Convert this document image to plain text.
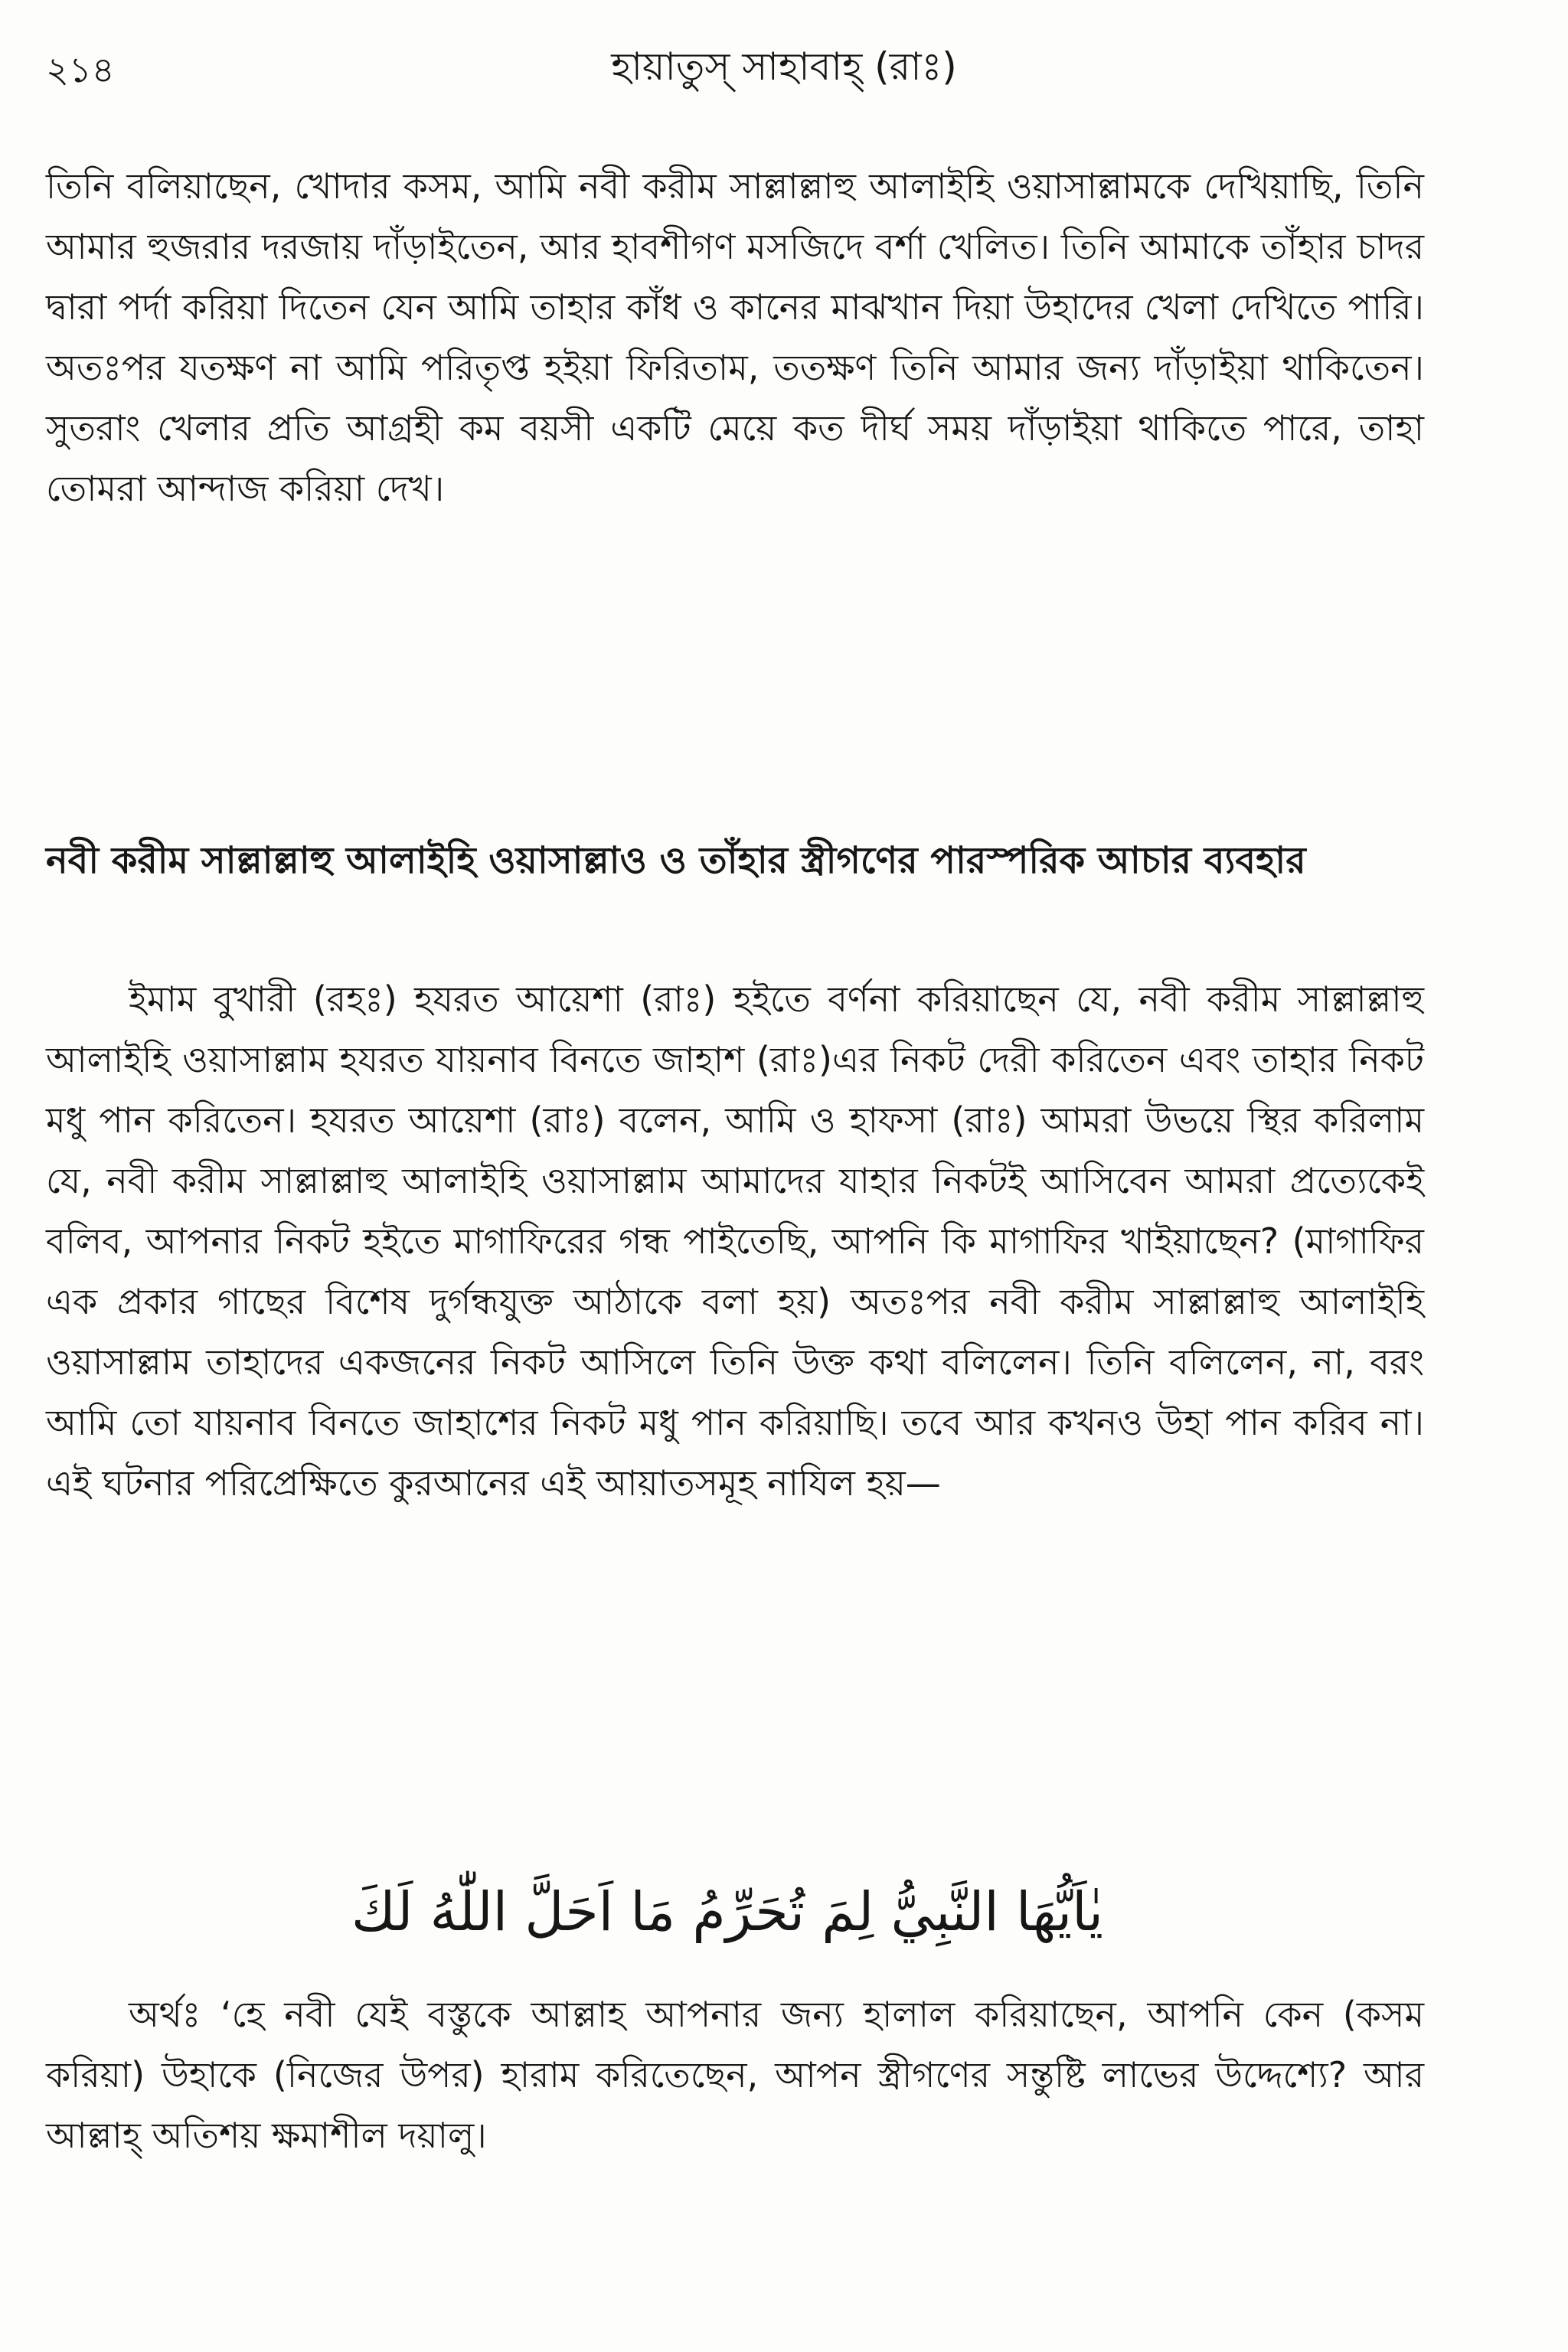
২১৪	হায়াতুস্ সাহাবাহ্ (রাঃ)

তিনি বলিয়াছেন, খোদার কসম, আমি নবী করীম সাল্লাল্লাহু আলাইহি ওয়াসাল্লামকে দেখিয়াছি, তিনি আমার হুজরার দরজায় দাঁড়াইতেন, আর হাবশীগণ মসজিদে বর্শা খেলিত। তিনি আমাকে তাঁহার চাদর দ্বারা পর্দা করিয়া দিতেন যেন আমি তাহার কাঁধ ও কানের মাঝখান দিয়া উহাদের খেলা দেখিতে পারি। অতঃপর যতক্ষণ না আমি পরিতৃপ্ত হইয়া ফিরিতাম, ততক্ষণ তিনি আমার জন্য দাঁড়াইয়া থাকিতেন। সুতরাং খেলার প্রতি আগ্রহী কম বয়সী একটি মেয়ে কত দীর্ঘ সময় দাঁড়াইয়া থাকিতে পারে, তাহা তোমরা আন্দাজ করিয়া দেখ।

নবী করীম সাল্লাল্লাহু আলাইহি ওয়াসাল্লাও ও তাঁহার স্ত্রীগণের পারস্পরিক আচার ব্যবহার

ইমাম বুখারী (রহঃ) হযরত আয়েশা (রাঃ) হইতে বর্ণনা করিয়াছেন যে, নবী করীম সাল্লাল্লাহু আলাইহি ওয়াসাল্লাম হযরত যায়নাব বিনতে জাহাশ (রাঃ)এর নিকট দেরী করিতেন এবং তাহার নিকট মধু পান করিতেন। হযরত আয়েশা (রাঃ) বলেন, আমি ও হাফসা (রাঃ) আমরা উভয়ে স্থির করিলাম যে, নবী করীম সাল্লাল্লাহু আলাইহি ওয়াসাল্লাম আমাদের যাহার নিকটই আসিবেন আমরা প্রত্যেকেই বলিব, আপনার নিকট হইতে মাগাফিরের গন্ধ পাইতেছি, আপনি কি মাগাফির খাইয়াছেন? (মাগাফির এক প্রকার গাছের বিশেষ দুর্গন্ধযুক্ত আঠাকে বলা হয়) অতঃপর নবী করীম সাল্লাল্লাহু আলাইহি ওয়াসাল্লাম তাহাদের একজনের নিকট আসিলে তিনি উক্ত কথা বলিলেন। তিনি বলিলেন, না, বরং আমি তো যায়নাব বিনতে জাহাশের নিকট মধু পান করিয়াছি। তবে আর কখনও উহা পান করিব না। এই ঘটনার পরিপ্রেক্ষিতে কুরআনের এই আয়াতসমূহ নাযিল হয়—

يٰاَيُّهَا النَّبِيُّ لِمَ تُحَرِّمُ مَا اَحَلَّ اللّٰهُ لَكَ

অর্থঃ ‘হে নবী যেই বস্তুকে আল্লাহ আপনার জন্য হালাল করিয়াছেন, আপনি কেন (কসম করিয়া) উহাকে (নিজের উপর) হারাম করিতেছেন, আপন স্ত্রীগণের সন্তুষ্টি লাভের উদ্দেশ্যে? আর আল্লাহ্ অতিশয় ক্ষমাশীল দয়ালু।
